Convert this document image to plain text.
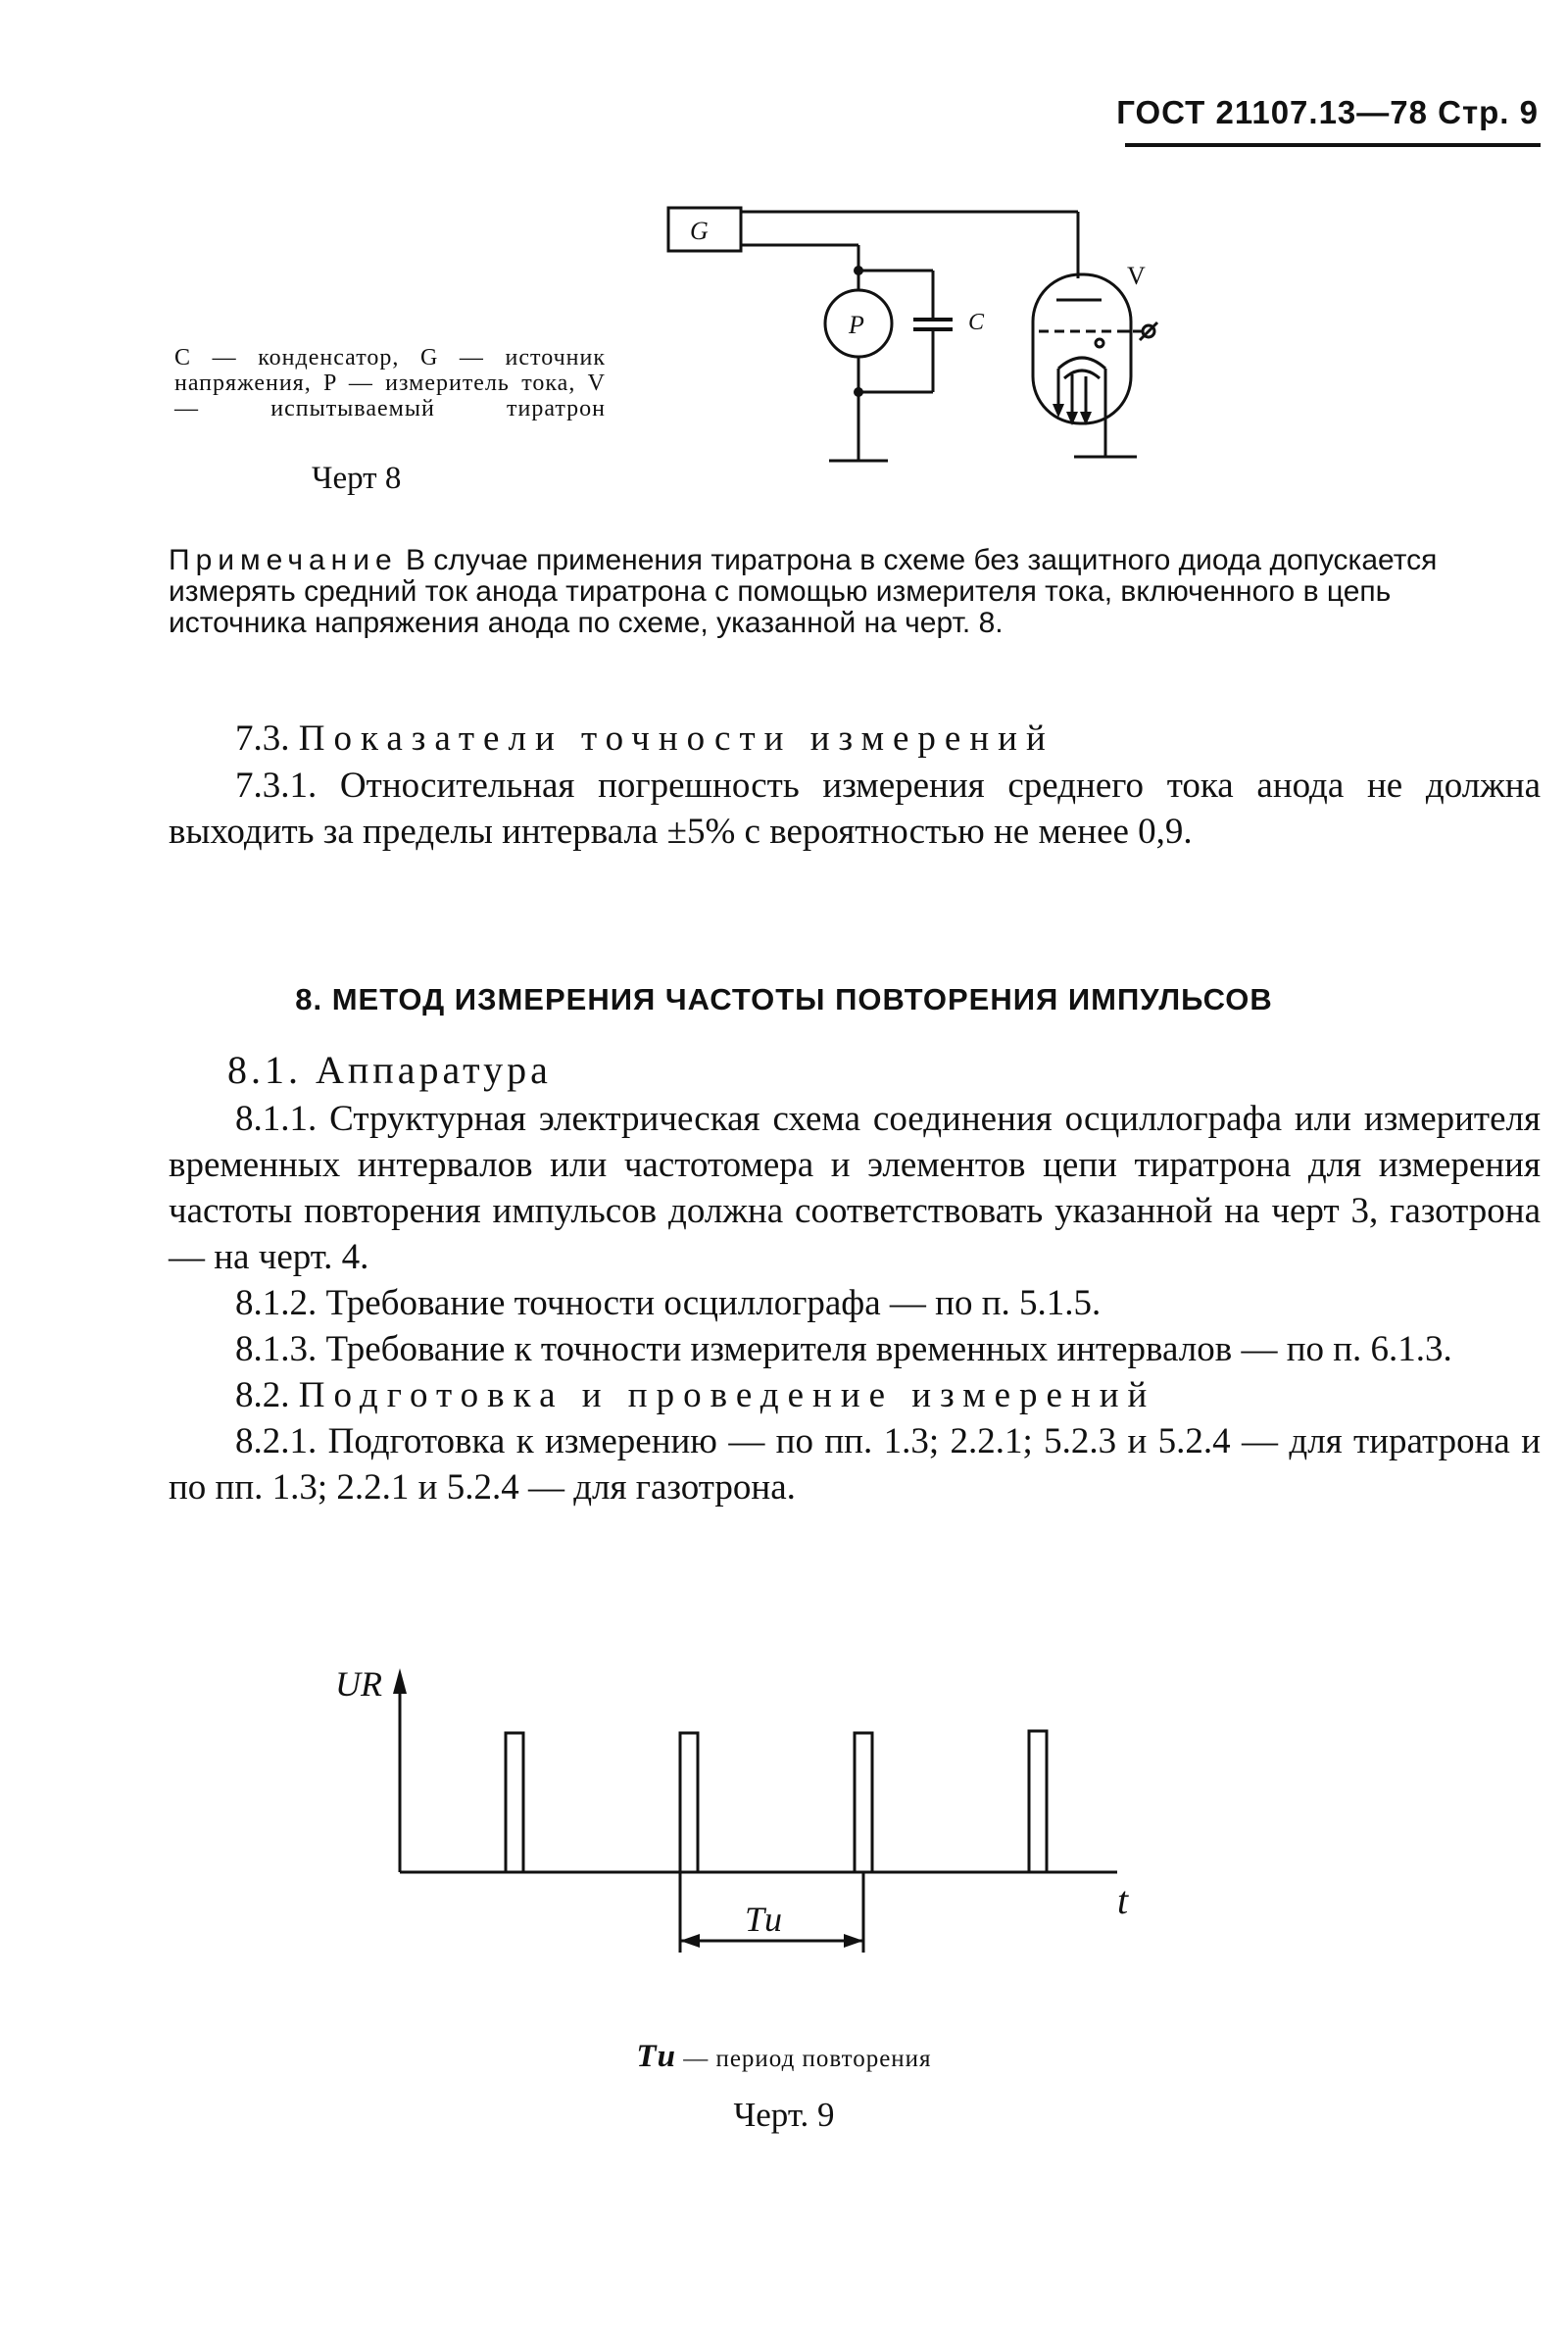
ГОСТ 21107.13—78 Стр. 9
G
P	C
V
C — конденсатор, G — источник напряжения, P — измеритель тока, V — испытываемый тиратрон
Черт 8
Примечание В случае применения тиратрона в схеме без защитного диода допускается измерять средний ток анода тиратрона с помощью измерителя тока, включенного в цепь источника напряжения анода по схеме, указанной на черт. 8.
7.3. Показатели точности измерений

7.3.1. Относительная погрешность измерения среднего тока анода не должна выходить за пределы интервала ±5% с вероятностью не менее 0,9.

8. МЕТОД ИЗМЕРЕНИЯ ЧАСТОТЫ ПОВТОРЕНИЯ ИМПУЛЬСОВ
8.1. Аппаратура

8.1.1. Структурная электрическая схема соединения осциллографа или измерителя временных интервалов или частотомера и элементов цепи тиратрона для измерения частоты повторения импульсов должна соответствовать указанной на черт 3, газотрона — на черт. 4.

8.1.2. Требование точности осциллографа — по п. 5.1.5.

8.1.3. Требование к точности измерителя временных интервалов — по п. 6.1.3.

8.2. Подготовка и проведение измерений

8.2.1. Подготовка к измерению — по пп. 1.3; 2.2.1; 5.2.3 и 5.2.4 — для тиратрона и по пп. 1.3; 2.2.1 и 5.2.4 — для газотрона.

UR
t
Tи
Tи — период повторения
Черт. 9
